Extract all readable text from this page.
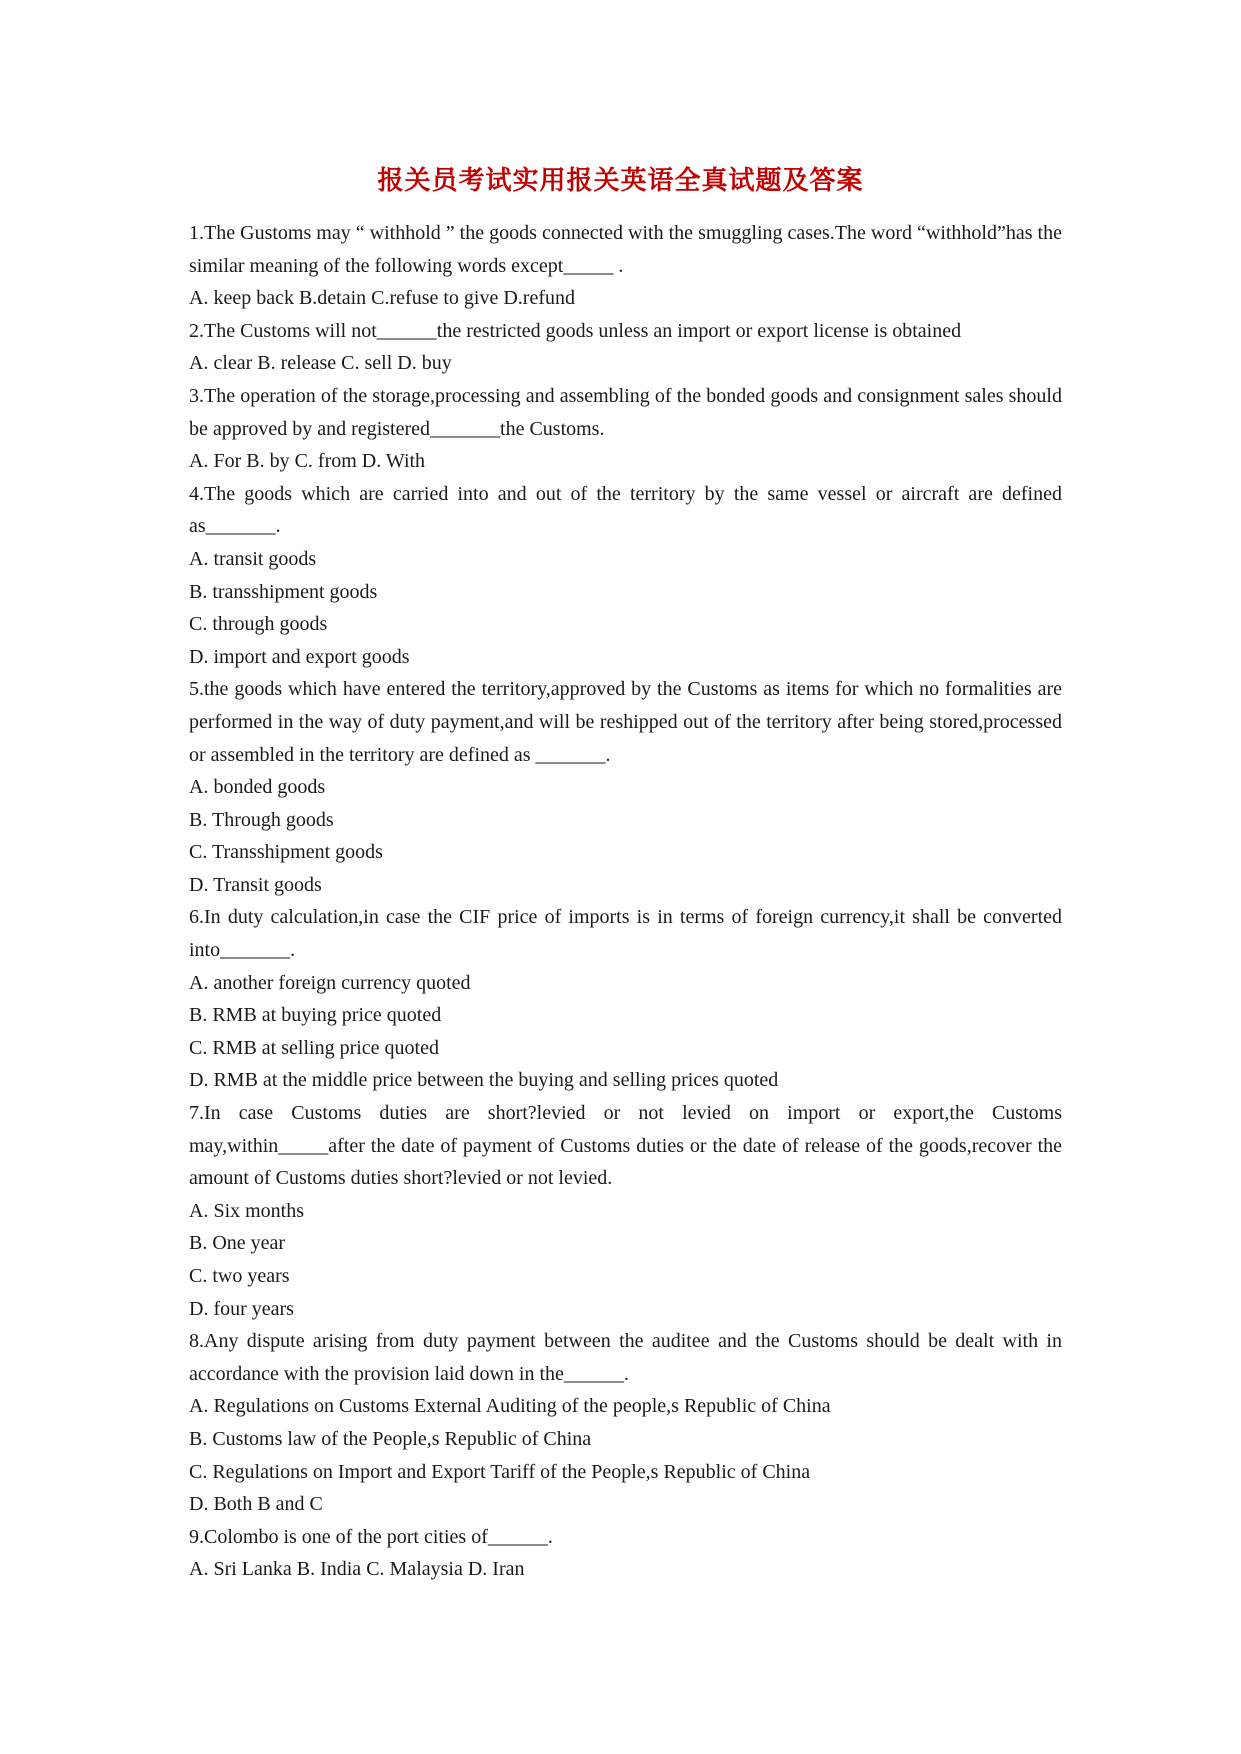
报关员考试实用报关英语全真试题及答案

1.The Gustoms may “ withhold ” the goods connected with the smuggling cases.The word “withhold”has the similar meaning of the following words except_____ .

A. keep back B.detain C.refuse to give D.refund

2.The Customs will not______the restricted goods unless an import or export license is obtained

A. clear B. release C. sell D. buy

3.The operation of the storage,processing and assembling of the bonded goods and consignment sales should be approved by and registered_______the Customs.

A. For B. by C. from D. With

4.The goods which are carried into and out of the territory by the same vessel or aircraft are defined as_______.

A. transit goods

B. transshipment goods

C. through goods

D. import and export goods

5.the goods which have entered the territory,approved by the Customs as items for which no formalities are performed in the way of duty payment,and will be reshipped out of the territory after being stored,processed or assembled in the territory are defined as _______.

A. bonded goods

B. Through goods

C. Transshipment goods

D. Transit goods

6.In duty calculation,in case the CIF price of imports is in terms of foreign currency,it shall be converted into_______.

A. another foreign currency quoted

B. RMB at buying price quoted

C. RMB at selling price quoted

D. RMB at the middle price between the buying and selling prices quoted

7.In case Customs duties are short?levied or not levied on import or export,the Customs may,within_____after the date of payment of Customs duties or the date of release of the goods,recover the amount of Customs duties short?levied or not levied.

A. Six months

B. One year

C. two years

D. four years

8.Any dispute arising from duty payment between the auditee and the Customs should be dealt with in accordance with the provision laid down in the______.

A. Regulations on Customs External Auditing of the people,s Republic of China

B. Customs law of the People,s Republic of China

C. Regulations on Import and Export Tariff of the People,s Republic of China

D. Both B and C

9.Colombo is one of the port cities of______.

A. Sri Lanka B. India C. Malaysia D. Iran
